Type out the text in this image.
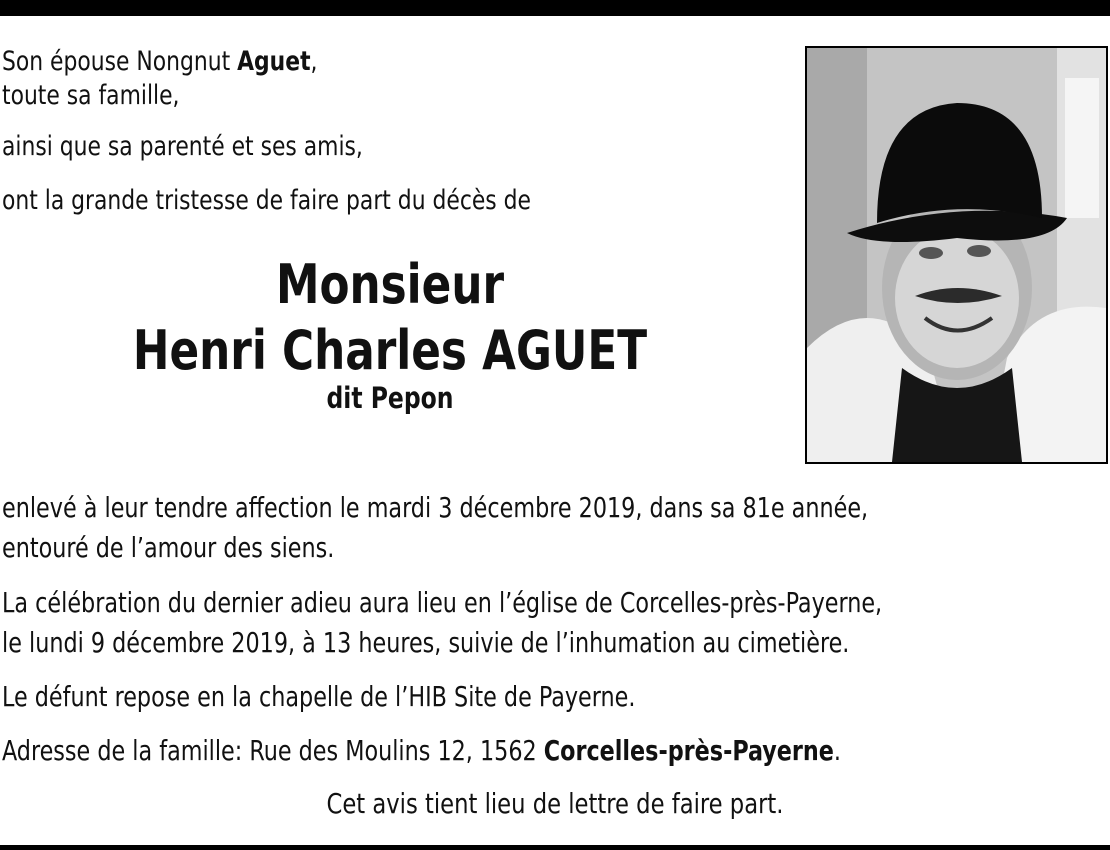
Son épouse Nongnut Aguet,
toute sa famille,
ainsi que sa parenté et ses amis,
ont la grande tristesse de faire part du décès de
Monsieur
Henri Charles AGUET
dit Pepon
enlevé à leur tendre affection le mardi 3 décembre 2019, dans sa 81e année,
entouré de l’amour des siens.
La célébration du dernier adieu aura lieu en l’église de Corcelles-près-Payerne,
le lundi 9 décembre 2019, à 13 heures, suivie de l’inhumation au cimetière.
Le défunt repose en la chapelle de l’HIB Site de Payerne.
Adresse de la famille: Rue des Moulins 12, 1562 Corcelles-près-Payerne.
Cet avis tient lieu de lettre de faire part.
